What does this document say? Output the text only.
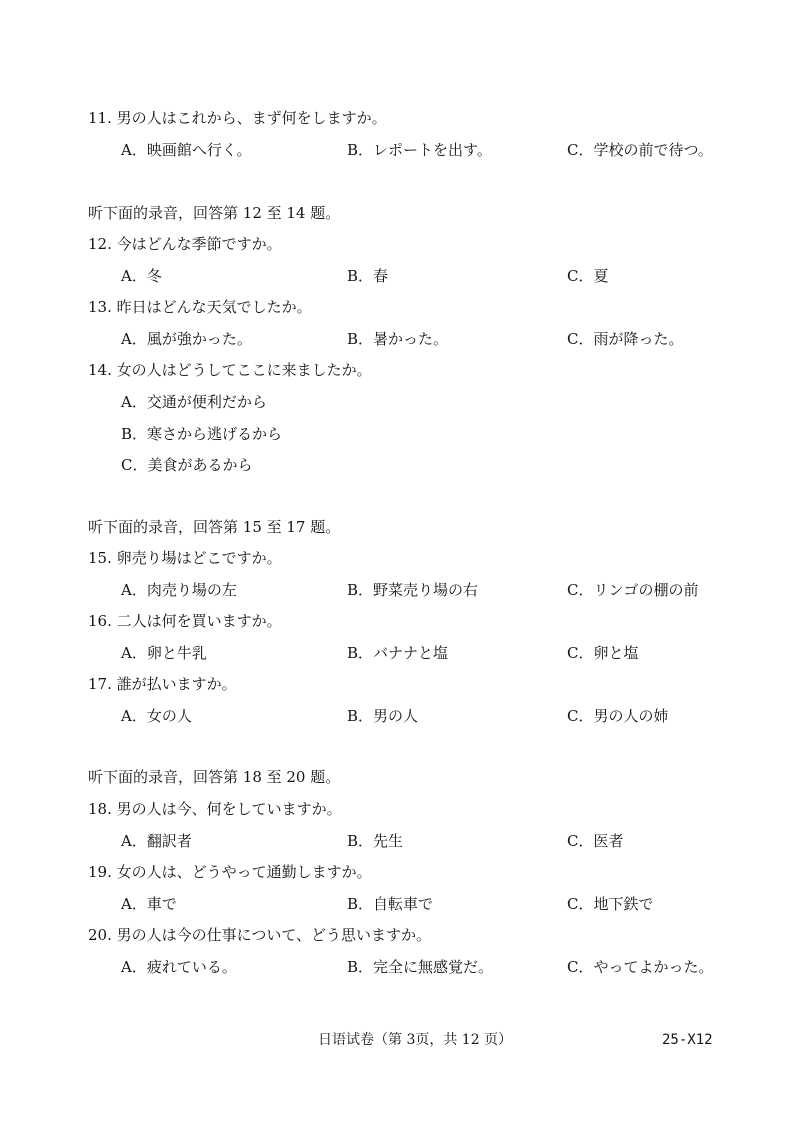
11. 男の人はこれから、まず何をしますか。
A．映画館へ行く。	B．レポートを出す。	C．学校の前で待つ。
听下面的录音，回答第 12 至 14 题。
12. 今はどんな季節ですか。
A．冬	B．春	C．夏
13. 昨日はどんな天気でしたか。
A．風が強かった。	B．暑かった。	C．雨が降った。
14. 女の人はどうしてここに来ましたか。
A．交通が便利だから
B．寒さから逃げるから
C．美食があるから
听下面的录音，回答第 15 至 17 题。
15. 卵売り場はどこですか。
A．肉売り場の左	B．野菜売り場の右	C．リンゴの棚の前
16. 二人は何を買いますか。
A．卵と牛乳	B．バナナと塩	C．卵と塩
17. 誰が払いますか。
A．女の人	B．男の人	C．男の人の姉
听下面的录音，回答第 18 至 20 题。
18. 男の人は今、何をしていますか。
A．翻訳者	B．先生	C．医者
19. 女の人は、どうやって通勤しますか。
A．車で	B．自転車で	C．地下鉄で
20. 男の人は今の仕事について、どう思いますか。
A．疲れている。	B．完全に無感覚だ。	C．やってよかった。
日语试卷（第 3页，共 12 页）	25-X12
